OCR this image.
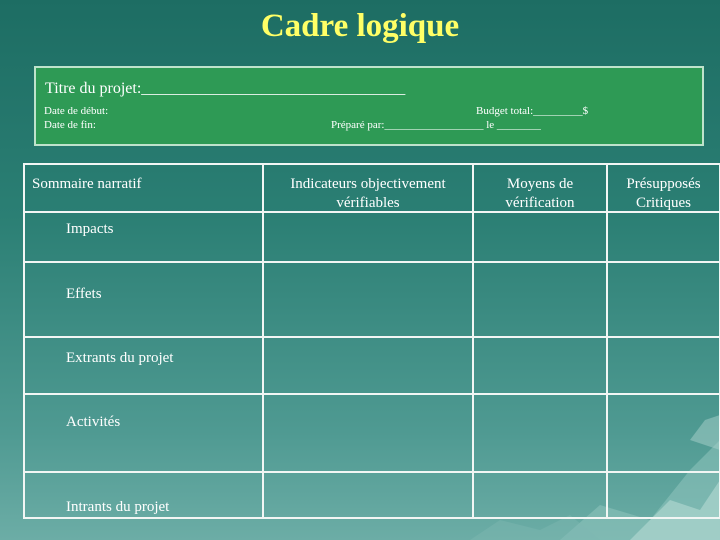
Cadre logique
Titre du projet:_________________________________
Date de début:
Date de fin:
Budget total:_________$
Préparé par:__________________ le ________
Sommaire narratif	Indicateurs objectivement vérifiables	Moyens de vérification	Présupposés Critiques

Impacts			

Effets			

Extrants du projet			

Activités			

Intrants du projet			
